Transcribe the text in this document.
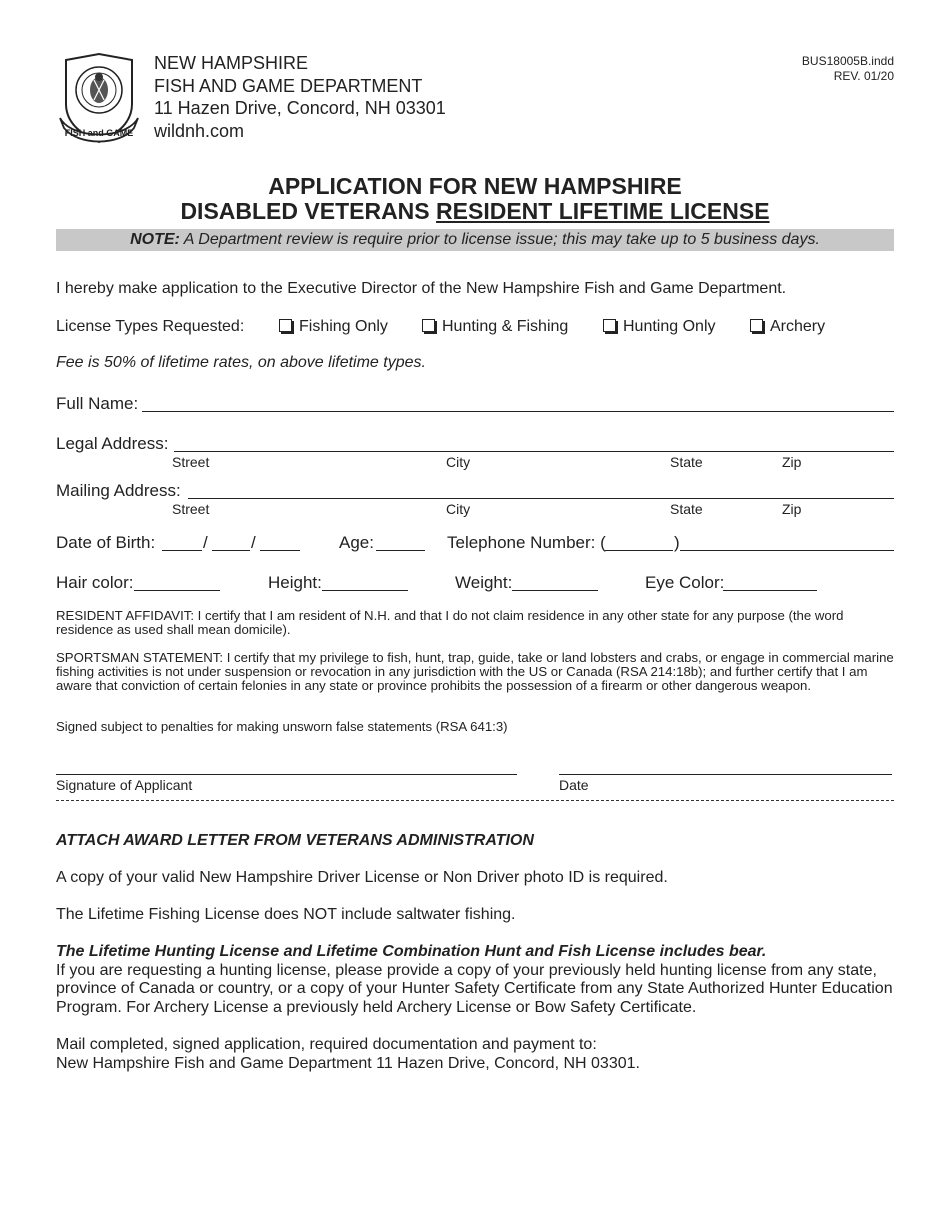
FISH and GAME
NEW HAMPSHIRE
FISH AND GAME DEPARTMENT
11 Hazen Drive, Concord, NH 03301
wildnh.com
BUS18005B.indd
REV. 01/20
APPLICATION FOR NEW HAMPSHIRE
DISABLED VETERANS RESIDENT LIFETIME LICENSE
NOTE: A Department review is require prior to license issue; this may take up to 5 business days.
I hereby make application to the Executive Director of the New Hampshire Fish and Game Department.
License Types Requested:	Fishing Only	Hunting & Fishing	Hunting Only	Archery
Fee is 50% of lifetime rates, on above lifetime types.
Full Name:
Legal Address:
Street	City	State	Zip
Mailing Address:
Street	City	State	Zip
Date of Birth:	/	/	Age:	Telephone Number: (	)
Hair color:	Height:	Weight:	Eye Color:
RESIDENT AFFIDAVIT: I certify that I am resident of N.H. and that I do not claim residence in any other state for any purpose (the word residence as used shall mean domicile).
SPORTSMAN STATEMENT: I certify that my privilege to fish, hunt, trap, guide, take or land lobsters and crabs, or engage in commercial marine fishing activities is not under suspension or revocation in any jurisdiction with the US or Canada (RSA 214:18b); and further certify that I am aware that conviction of certain felonies in any state or province prohibits the possession of a firearm or other dangerous weapon.
Signed subject to penalties for making unsworn false statements (RSA 641:3)
Signature of Applicant	Date
ATTACH AWARD LETTER FROM VETERANS ADMINISTRATION
A copy of your valid New Hampshire Driver License or Non Driver photo ID is required.
The Lifetime Fishing License does NOT include saltwater fishing.
The Lifetime Hunting License and Lifetime Combination Hunt and Fish License includes bear.
If you are requesting a hunting license, please provide a copy of your previously held hunting license from any state, province of Canada or country, or a copy of your Hunter Safety Certificate from any State Authorized Hunter Education Program. For Archery License a previously held Archery License or Bow Safety Certificate.
Mail completed, signed application, required documentation and payment to:
New Hampshire Fish and Game Department 11 Hazen Drive, Concord, NH 03301.
